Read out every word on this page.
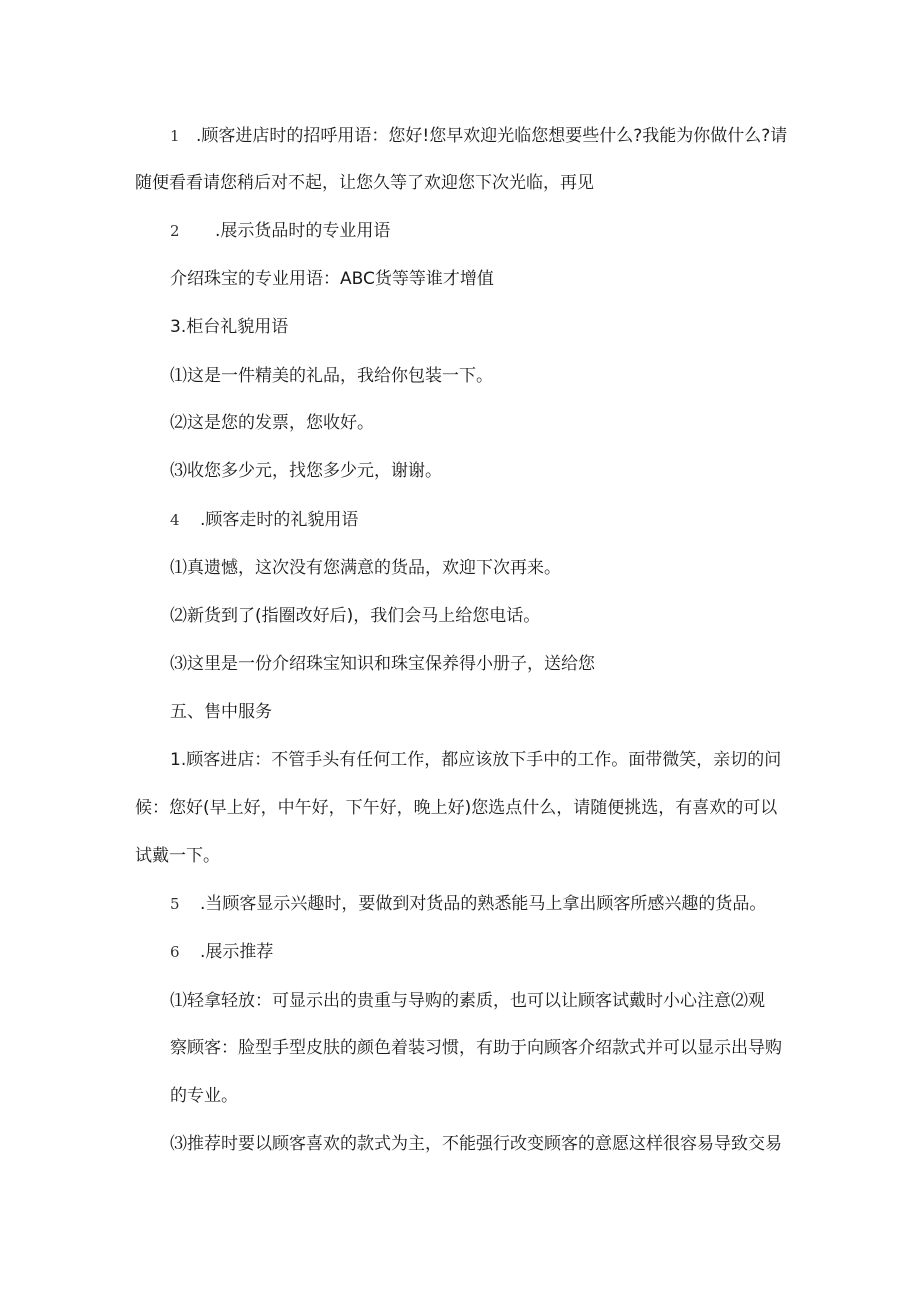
1 .顾客进店时的招呼用语：您好!您早欢迎光临您想要些什么?我能为你做什么?请
随便看看请您稍后对不起，让您久等了欢迎您下次光临，再见
2 .展示货品时的专业用语
介绍珠宝的专业用语：ABC货等等谁才增值
3.柜台礼貌用语
⑴这是一件精美的礼品，我给你包装一下。
⑵这是您的发票，您收好。
⑶收您多少元，找您多少元，谢谢。
4 .顾客走时的礼貌用语
⑴真遗憾，这次没有您满意的货品，欢迎下次再来。
⑵新货到了(指圈改好后)，我们会马上给您电话。
⑶这里是一份介绍珠宝知识和珠宝保养得小册子，送给您
五、售中服务
1.顾客进店：不管手头有任何工作，都应该放下手中的工作。面带微笑，亲切的问
候：您好(早上好，中午好，下午好，晚上好)您选点什么，请随便挑选，有喜欢的可以
试戴一下。
5 .当顾客显示兴趣时，要做到对货品的熟悉能马上拿出顾客所感兴趣的货品。
6 .展示推荐
⑴轻拿轻放：可显示出的贵重与导购的素质，也可以让顾客试戴时小心注意⑵观
察顾客：脸型手型皮肤的颜色着装习惯，有助于向顾客介绍款式并可以显示出导购
的专业。
⑶推荐时要以顾客喜欢的款式为主，不能强行改变顾客的意愿这样很容易导致交易
